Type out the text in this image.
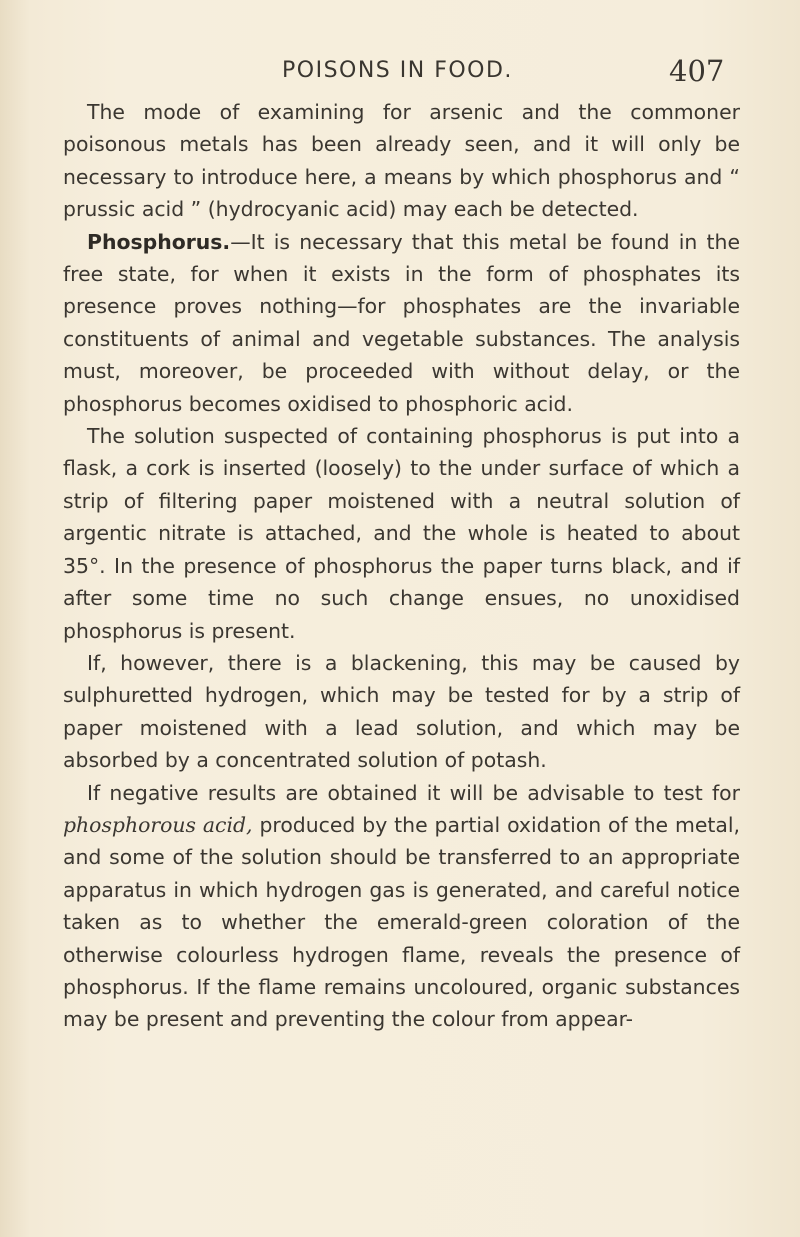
POISONS IN FOOD.	407

The mode of examining for arsenic and the commoner poisonous metals has been already seen, and it will only be necessary to introduce here, a means by which phosphorus and “ prussic acid ” (hydrocyanic acid) may each be detected.

Phosphorus.—It is necessary that this metal be found in the free state, for when it exists in the form of phosphates its presence proves nothing—for phosphates are the invariable constituents of animal and vegetable substances. The analysis must, moreover, be proceeded with without delay, or the phosphorus becomes oxidised to phosphoric acid.

The solution suspected of containing phosphorus is put into a flask, a cork is inserted (loosely) to the under surface of which a strip of filtering paper moistened with a neutral solution of argentic nitrate is attached, and the whole is heated to about 35°. In the presence of phosphorus the paper turns black, and if after some time no such change ensues, no unoxidised phosphorus is present.

If, however, there is a blackening, this may be caused by sulphuretted hydrogen, which may be tested for by a strip of paper moistened with a lead solution, and which may be absorbed by a concentrated solution of potash.

If negative results are obtained it will be advisable to test for phosphorous acid, produced by the partial oxidation of the metal, and some of the solution should be transferred to an appropriate apparatus in which hydrogen gas is generated, and careful notice taken as to whether the emerald-green coloration of the otherwise colourless hydrogen flame, reveals the presence of phosphorus. If the flame remains uncoloured, organic substances may be present and preventing the colour from appear-
